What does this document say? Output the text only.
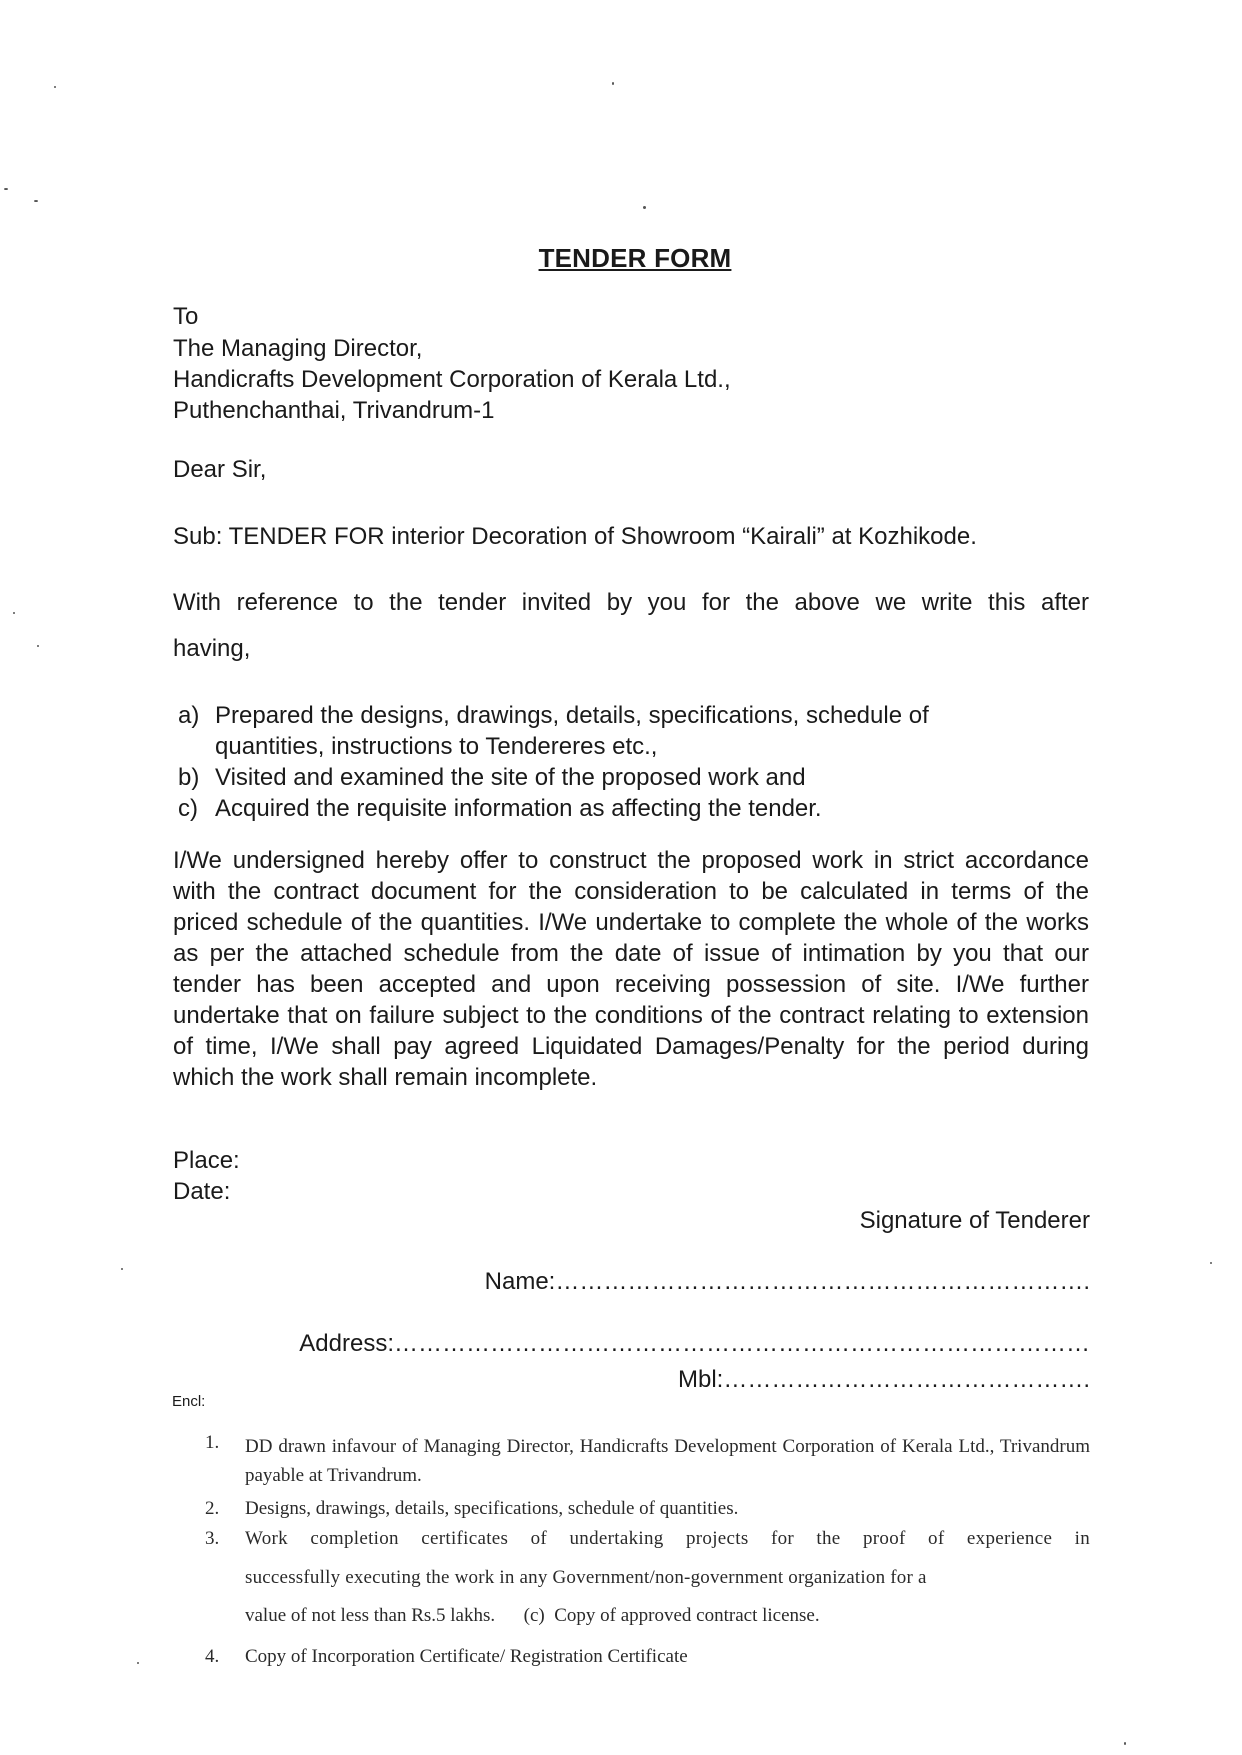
TENDER FORM
To
The Managing Director,
Handicrafts Development Corporation of Kerala Ltd.,
Puthenchanthai, Trivandrum-1
Dear Sir,
Sub: TENDER FOR interior Decoration of Showroom “Kairali” at Kozhikode.
With reference to the tender invited by you for the above we write this after
having,
a) Prepared the designs, drawings, details, specifications, schedule of
quantities, instructions to Tendereres etc.,
b) Visited and examined the site of the proposed work and
c) Acquired the requisite information as affecting the tender.
I/We undersigned hereby offer to construct the proposed work in strict accordance with the contract document for the consideration to be calculated in terms of the priced schedule of the quantities. I/We undertake to complete the whole of the works as per the attached schedule from the date of issue of intimation by you that our tender has been accepted and upon receiving possession of site. I/We further undertake that on failure subject to the conditions of the contract relating to extension of time, I/We shall pay agreed Liquidated Damages/Penalty for the period during which the work shall remain incomplete.
Place:
Date:
Signature of Tenderer
Name:………………………………………………………….
Address:……………………………………………………………………………
Mbl:……………………………………….
Encl:
1.	DD drawn infavour of Managing Director, Handicrafts Development Corporation of Kerala Ltd., Trivandrum payable at Trivandrum.
2.	Designs, drawings, details, specifications, schedule of quantities.
3.	Work completion certificates of undertaking projects for the proof of experience in
successfully executing the work in any Government/non-government organization for a
value of not less than Rs.5 lakhs.      (c)  Copy of approved contract license.
4.	Copy of Incorporation Certificate/ Registration Certificate
